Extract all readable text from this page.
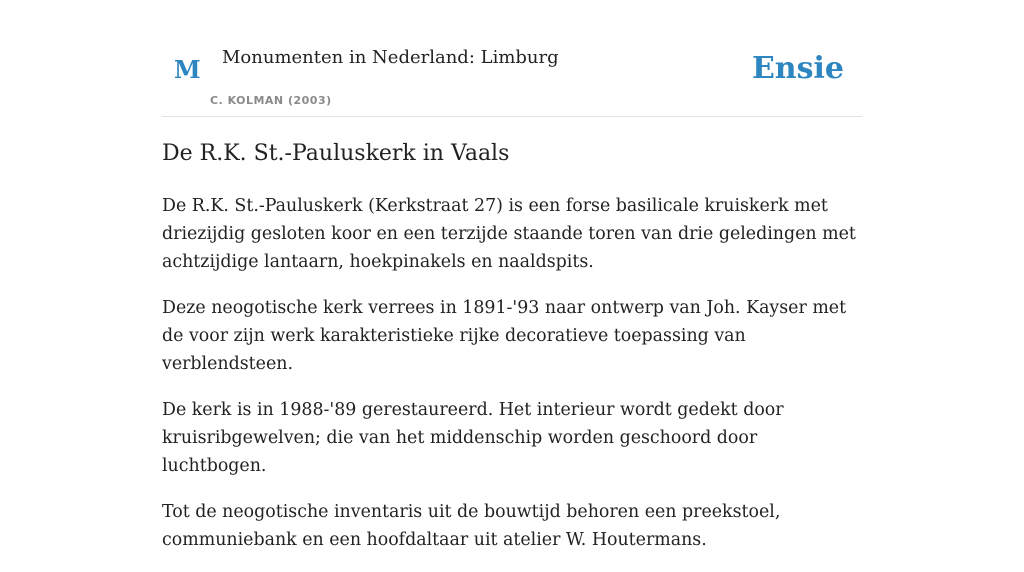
M Monumenten in Nederland: Limburg
C. KOLMAN (2003)
Ensie
De R.K. St.-Pauluskerk in Vaals

De R.K. St.-Pauluskerk (Kerkstraat 27) is een forse basilicale kruiskerk met driezijdig gesloten koor en een terzijde staande toren van drie geledingen met achtzijdige lantaarn, hoekpinakels en naaldspits.

Deze neogotische kerk verrees in 1891-'93 naar ontwerp van Joh. Kayser met de voor zijn werk karakteristieke rijke decoratieve toepassing van verblendsteen.

De kerk is in 1988-'89 gerestaureerd. Het interieur wordt gedekt door kruisribgewelven; die van het middenschip worden geschoord door luchtbogen.

Tot de neogotische inventaris uit de bouwtijd behoren een preekstoel, communiebank en een hoofdaltaar uit atelier W. Houtermans.
